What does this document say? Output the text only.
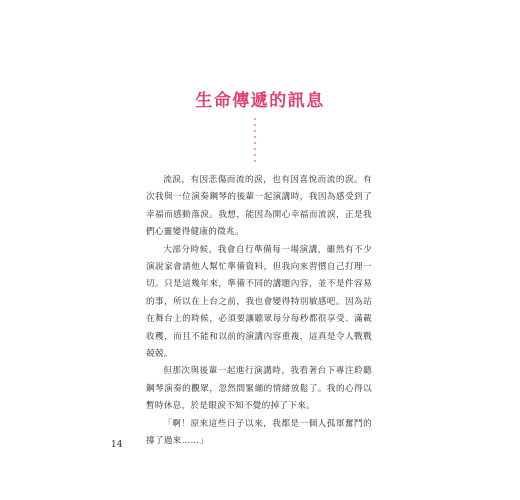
生命傳遞的訊息

流淚，有因悲傷而流的淚，也有因喜悅而流的淚。有次我與一位演奏鋼琴的後輩一起演講時，我因為感受到了幸福而感動落淚。我想，能因為開心幸福而流淚，正是我們心靈變得健康的徵兆。

大部分時候，我會自行準備每一場演講，雖然有不少演說家會請他人幫忙準備資料，但我向來習慣自己打理一切。只是這幾年來，準備不同的講題內容，並不是件容易的事，所以在上台之前，我也會變得特別敏感吧。因為站在舞台上的時候，必須要讓聽眾每分每秒都很享受、滿載收穫，而且不能和以前的演講內容重複，這真是令人戰戰兢兢。

但那次與後輩一起進行演講時，我看著台下專注聆聽鋼琴演奏的觀眾，忽然間緊繃的情緒放鬆了。我的心得以暫時休息，於是眼淚不知不覺的掉了下來。

「啊！原來這些日子以來，我都是一個人孤軍奮鬥的撐了過來……」

14
